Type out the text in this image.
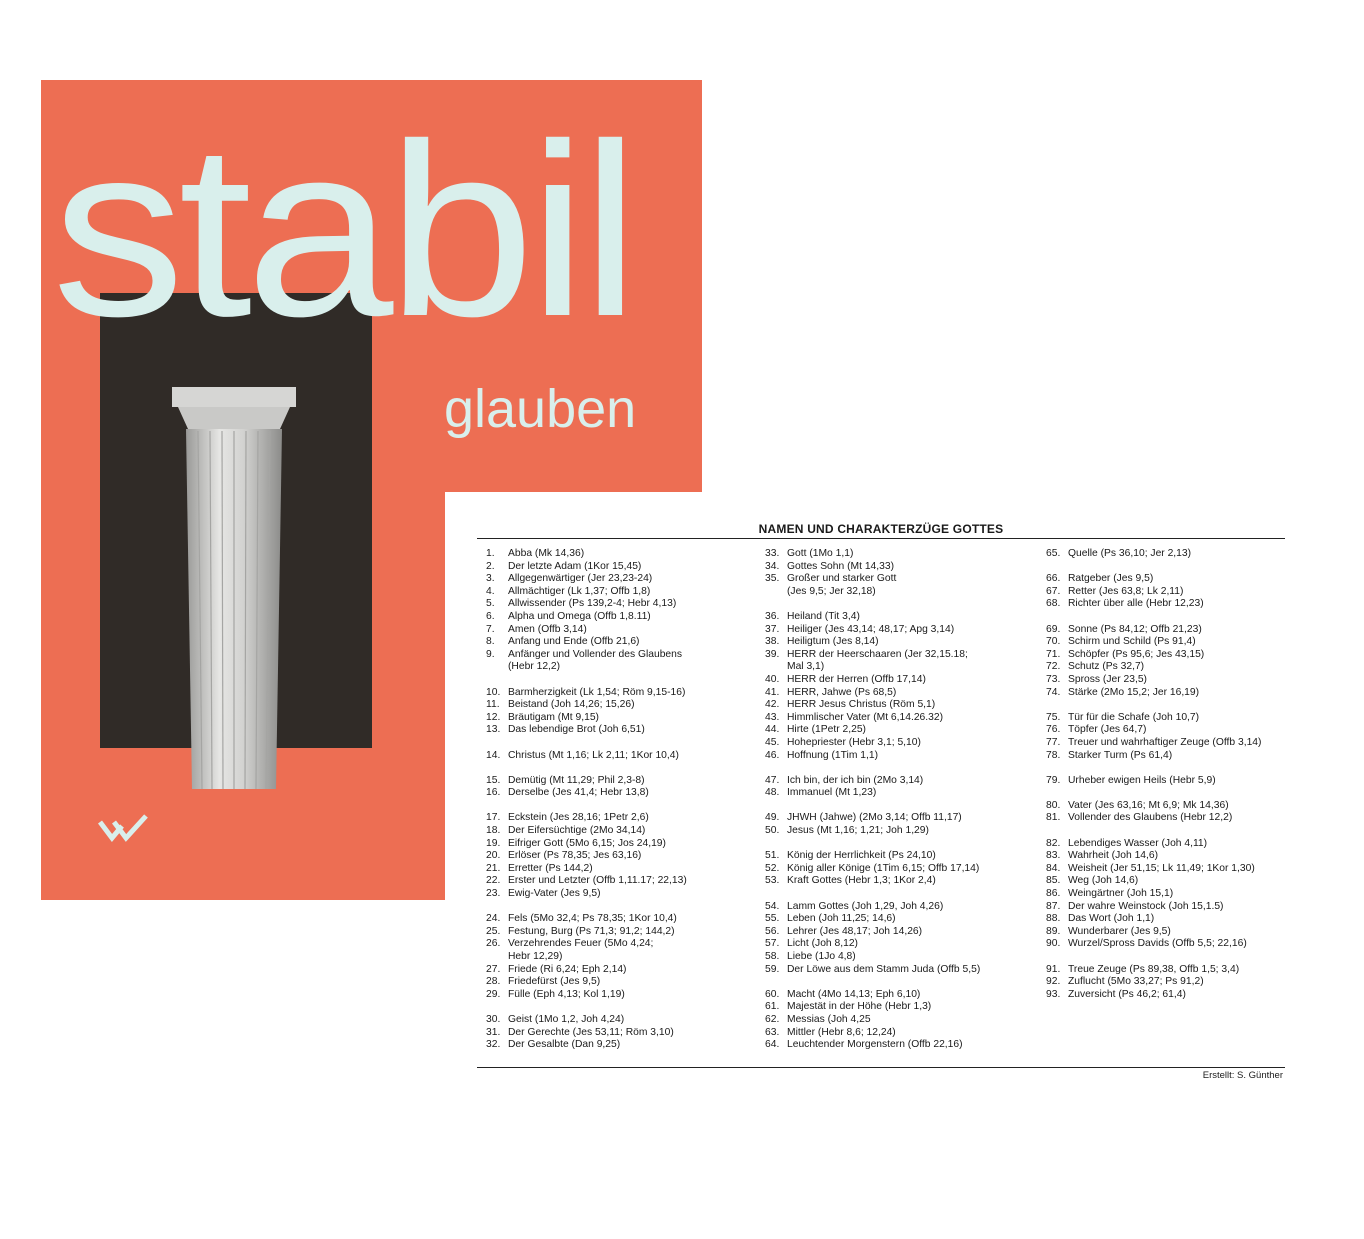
stabil
glauben
NAMEN UND CHARAKTERZÜGE GOTTES
1.	Abba (Mk 14,36)
2.	Der letzte Adam (1Kor 15,45)
3.	Allgegenwärtiger (Jer 23,23-24)
4.	Allmächtiger (Lk 1,37; Offb 1,8)
5.	Allwissender (Ps 139,2-4; Hebr 4,13)
6.	Alpha und Omega (Offb 1,8.11)
7.	Amen (Offb 3,14)
8.	Anfang und Ende (Offb 21,6)
9.	Anfänger und Vollender des Glaubens
(Hebr 12,2)
10. Barmherzigkeit (Lk 1,54; Röm 9,15-16)
11. Beistand (Joh 14,26; 15,26)
12. Bräutigam (Mt 9,15)
13. Das lebendige Brot (Joh 6,51)
14. Christus (Mt 1,16; Lk 2,11; 1Kor 10,4)
15. Demütig (Mt 11,29; Phil 2,3-8)
16. Derselbe (Jes 41,4; Hebr 13,8)
17. Eckstein (Jes 28,16; 1Petr 2,6)
18. Der Eifersüchtige (2Mo 34,14)
19. Eifriger Gott (5Mo 6,15; Jos 24,19)
20. Erlöser (Ps 78,35; Jes 63,16)
21. Erretter (Ps 144,2)
22. Erster und Letzter (Offb 1,11.17; 22,13)
23. Ewig-Vater (Jes 9,5)
24. Fels (5Mo 32,4; Ps 78,35; 1Kor 10,4)
25. Festung, Burg (Ps 71,3; 91,2; 144,2)
26. Verzehrendes Feuer (5Mo 4,24;
Hebr 12,29)
27. Friede (Ri 6,24; Eph 2,14)
28. Friedefürst (Jes 9,5)
29. Fülle (Eph 4,13; Kol 1,19)
30. Geist (1Mo 1,2, Joh 4,24)
31. Der Gerechte (Jes 53,11; Röm 3,10)
32. Der Gesalbte (Dan 9,25)
33. Gott (1Mo 1,1)
34. Gottes Sohn (Mt 14,33)
35. Großer und starker Gott
(Jes 9,5; Jer 32,18)
36. Heiland (Tit 3,4)
37. Heiliger (Jes 43,14; 48,17; Apg 3,14)
38. Heiligtum (Jes 8,14)
39. HERR der Heerschaaren (Jer 32,15.18;
Mal 3,1)
40. HERR der Herren (Offb 17,14)
41. HERR, Jahwe (Ps 68,5)
42. HERR Jesus Christus (Röm 5,1)
43. Himmlischer Vater (Mt 6,14.26.32)
44. Hirte (1Petr 2,25)
45. Hohepriester (Hebr 3,1; 5,10)
46. Hoffnung (1Tim 1,1)
47. Ich bin, der ich bin (2Mo 3,14)
48. Immanuel (Mt 1,23)
49. JHWH (Jahwe) (2Mo 3,14; Offb 11,17)
50. Jesus (Mt 1,16; 1,21; Joh 1,29)
51. König der Herrlichkeit (Ps 24,10)
52. König aller Könige (1Tim 6,15; Offb 17,14)
53. Kraft Gottes (Hebr 1,3; 1Kor 2,4)
54. Lamm Gottes (Joh 1,29, Joh 4,26)
55. Leben (Joh 11,25; 14,6)
56. Lehrer (Jes 48,17; Joh 14,26)
57. Licht (Joh 8,12)
58. Liebe (1Jo 4,8)
59. Der Löwe aus dem Stamm Juda (Offb 5,5)
60. Macht (4Mo 14,13; Eph 6,10)
61. Majestät in der Höhe (Hebr 1,3)
62. Messias (Joh 4,25
63. Mittler (Hebr 8,6; 12,24)
64. Leuchtender Morgenstern (Offb 22,16)
65. Quelle (Ps 36,10; Jer 2,13)
66. Ratgeber (Jes 9,5)
67. Retter (Jes 63,8; Lk 2,11)
68. Richter über alle (Hebr 12,23)
69. Sonne (Ps 84,12; Offb 21,23)
70. Schirm und Schild (Ps 91,4)
71. Schöpfer (Ps 95,6; Jes 43,15)
72. Schutz (Ps 32,7)
73. Spross (Jer 23,5)
74. Stärke (2Mo 15,2; Jer 16,19)
75. Tür für die Schafe (Joh 10,7)
76. Töpfer (Jes 64,7)
77. Treuer und wahrhaftiger Zeuge (Offb 3,14)
78. Starker Turm (Ps 61,4)
79. Urheber ewigen Heils (Hebr 5,9)
80. Vater (Jes 63,16; Mt 6,9; Mk 14,36)
81. Vollender des Glaubens (Hebr 12,2)
82. Lebendiges Wasser (Joh 4,11)
83. Wahrheit (Joh 14,6)
84. Weisheit (Jer 51,15; Lk 11,49; 1Kor 1,30)
85. Weg (Joh 14,6)
86. Weingärtner (Joh 15,1)
87. Der wahre Weinstock (Joh 15,1.5)
88. Das Wort (Joh 1,1)
89. Wunderbarer (Jes 9,5)
90. Wurzel/Spross Davids (Offb 5,5; 22,16)
91. Treue Zeuge (Ps 89,38, Offb 1,5; 3,4)
92. Zuflucht (5Mo 33,27; Ps 91,2)
93. Zuversicht (Ps 46,2; 61,4)
Erstellt: S. Günther
